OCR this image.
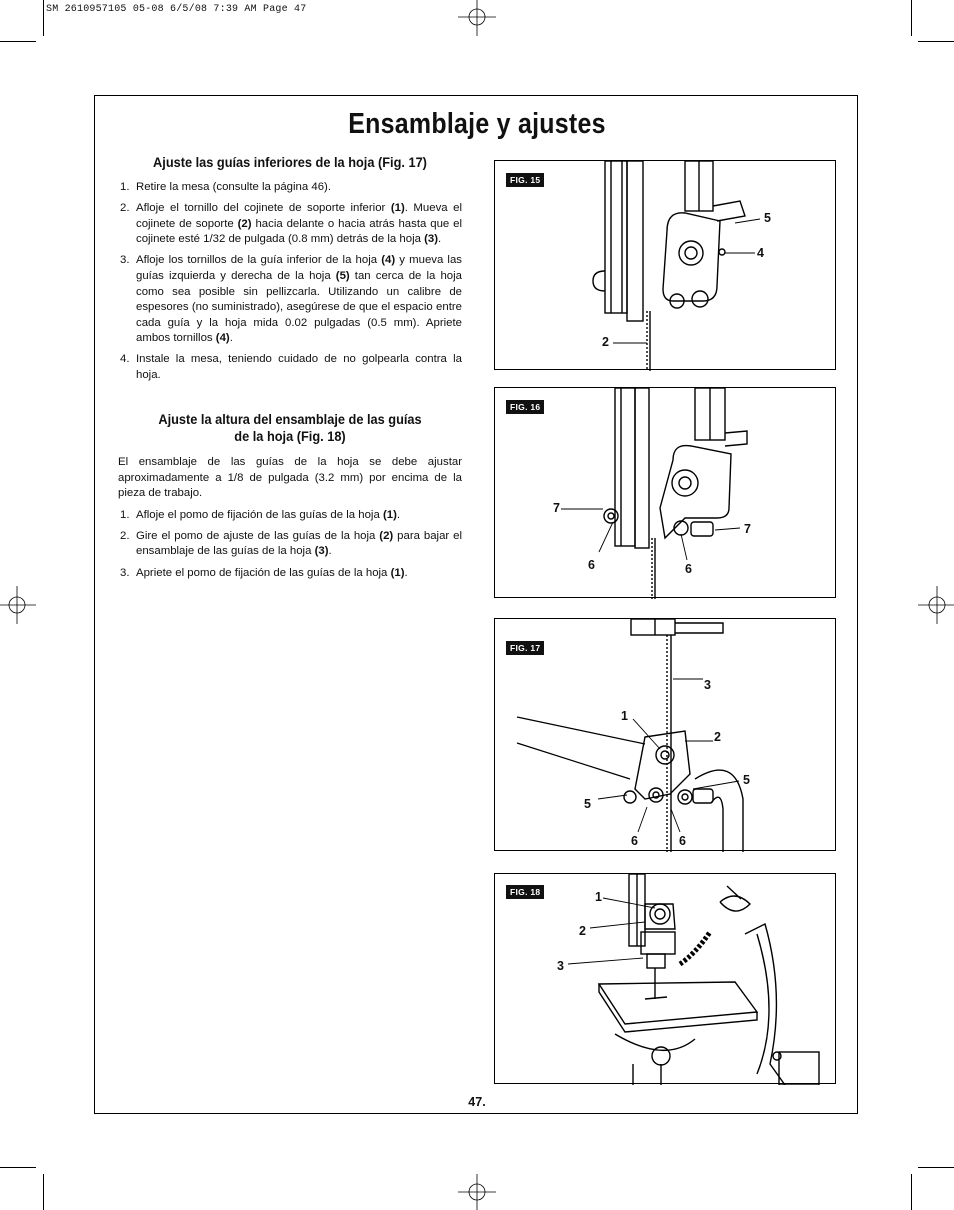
SM 2610957105 05-08 6/5/08 7:39 AM Page 47
Ensamblaje y ajustes
Ajuste las guías inferiores de la hoja (Fig. 17)
1. Retire la mesa (consulte la página 46).
2. Afloje el tornillo del cojinete de soporte inferior (1). Mueva el cojinete de soporte (2) hacia delante o hacia atrás hasta que el cojinete esté 1/32 de pulgada (0.8 mm) detrás de la hoja (3).
3. Afloje los tornillos de la guía inferior de la hoja (4) y mueva las guías izquierda y derecha de la hoja (5) tan cerca de la hoja como sea posible sin pellizcarla. Utilizando un calibre de espesores (no suministrado), asegúrese de que el espacio entre cada guía y la hoja mida 0.02 pulgadas (0.5 mm). Apriete ambos tornillos (4).
4. Instale la mesa, teniendo cuidado de no golpearla contra la hoja.
Ajuste la altura del ensamblaje de las guías
de la hoja (Fig. 18)

El ensamblaje de las guías de la hoja se debe ajustar aproximadamente a 1/8 de pulgada (3.2 mm) por encima de la pieza de trabajo.

1. Afloje el pomo de fijación de las guías de la hoja (1).
2. Gire el pomo de ajuste de las guías de la hoja (2) para bajar el ensamblaje de las guías de la hoja (3).
3. Apriete el pomo de fijación de las guías de la hoja (1).
FIG. 15
5
4
2
FIG. 16
7
7
6	6
FIG. 17
3
1
2
5
5
6	6
FIG. 18	1
2
3
47.
